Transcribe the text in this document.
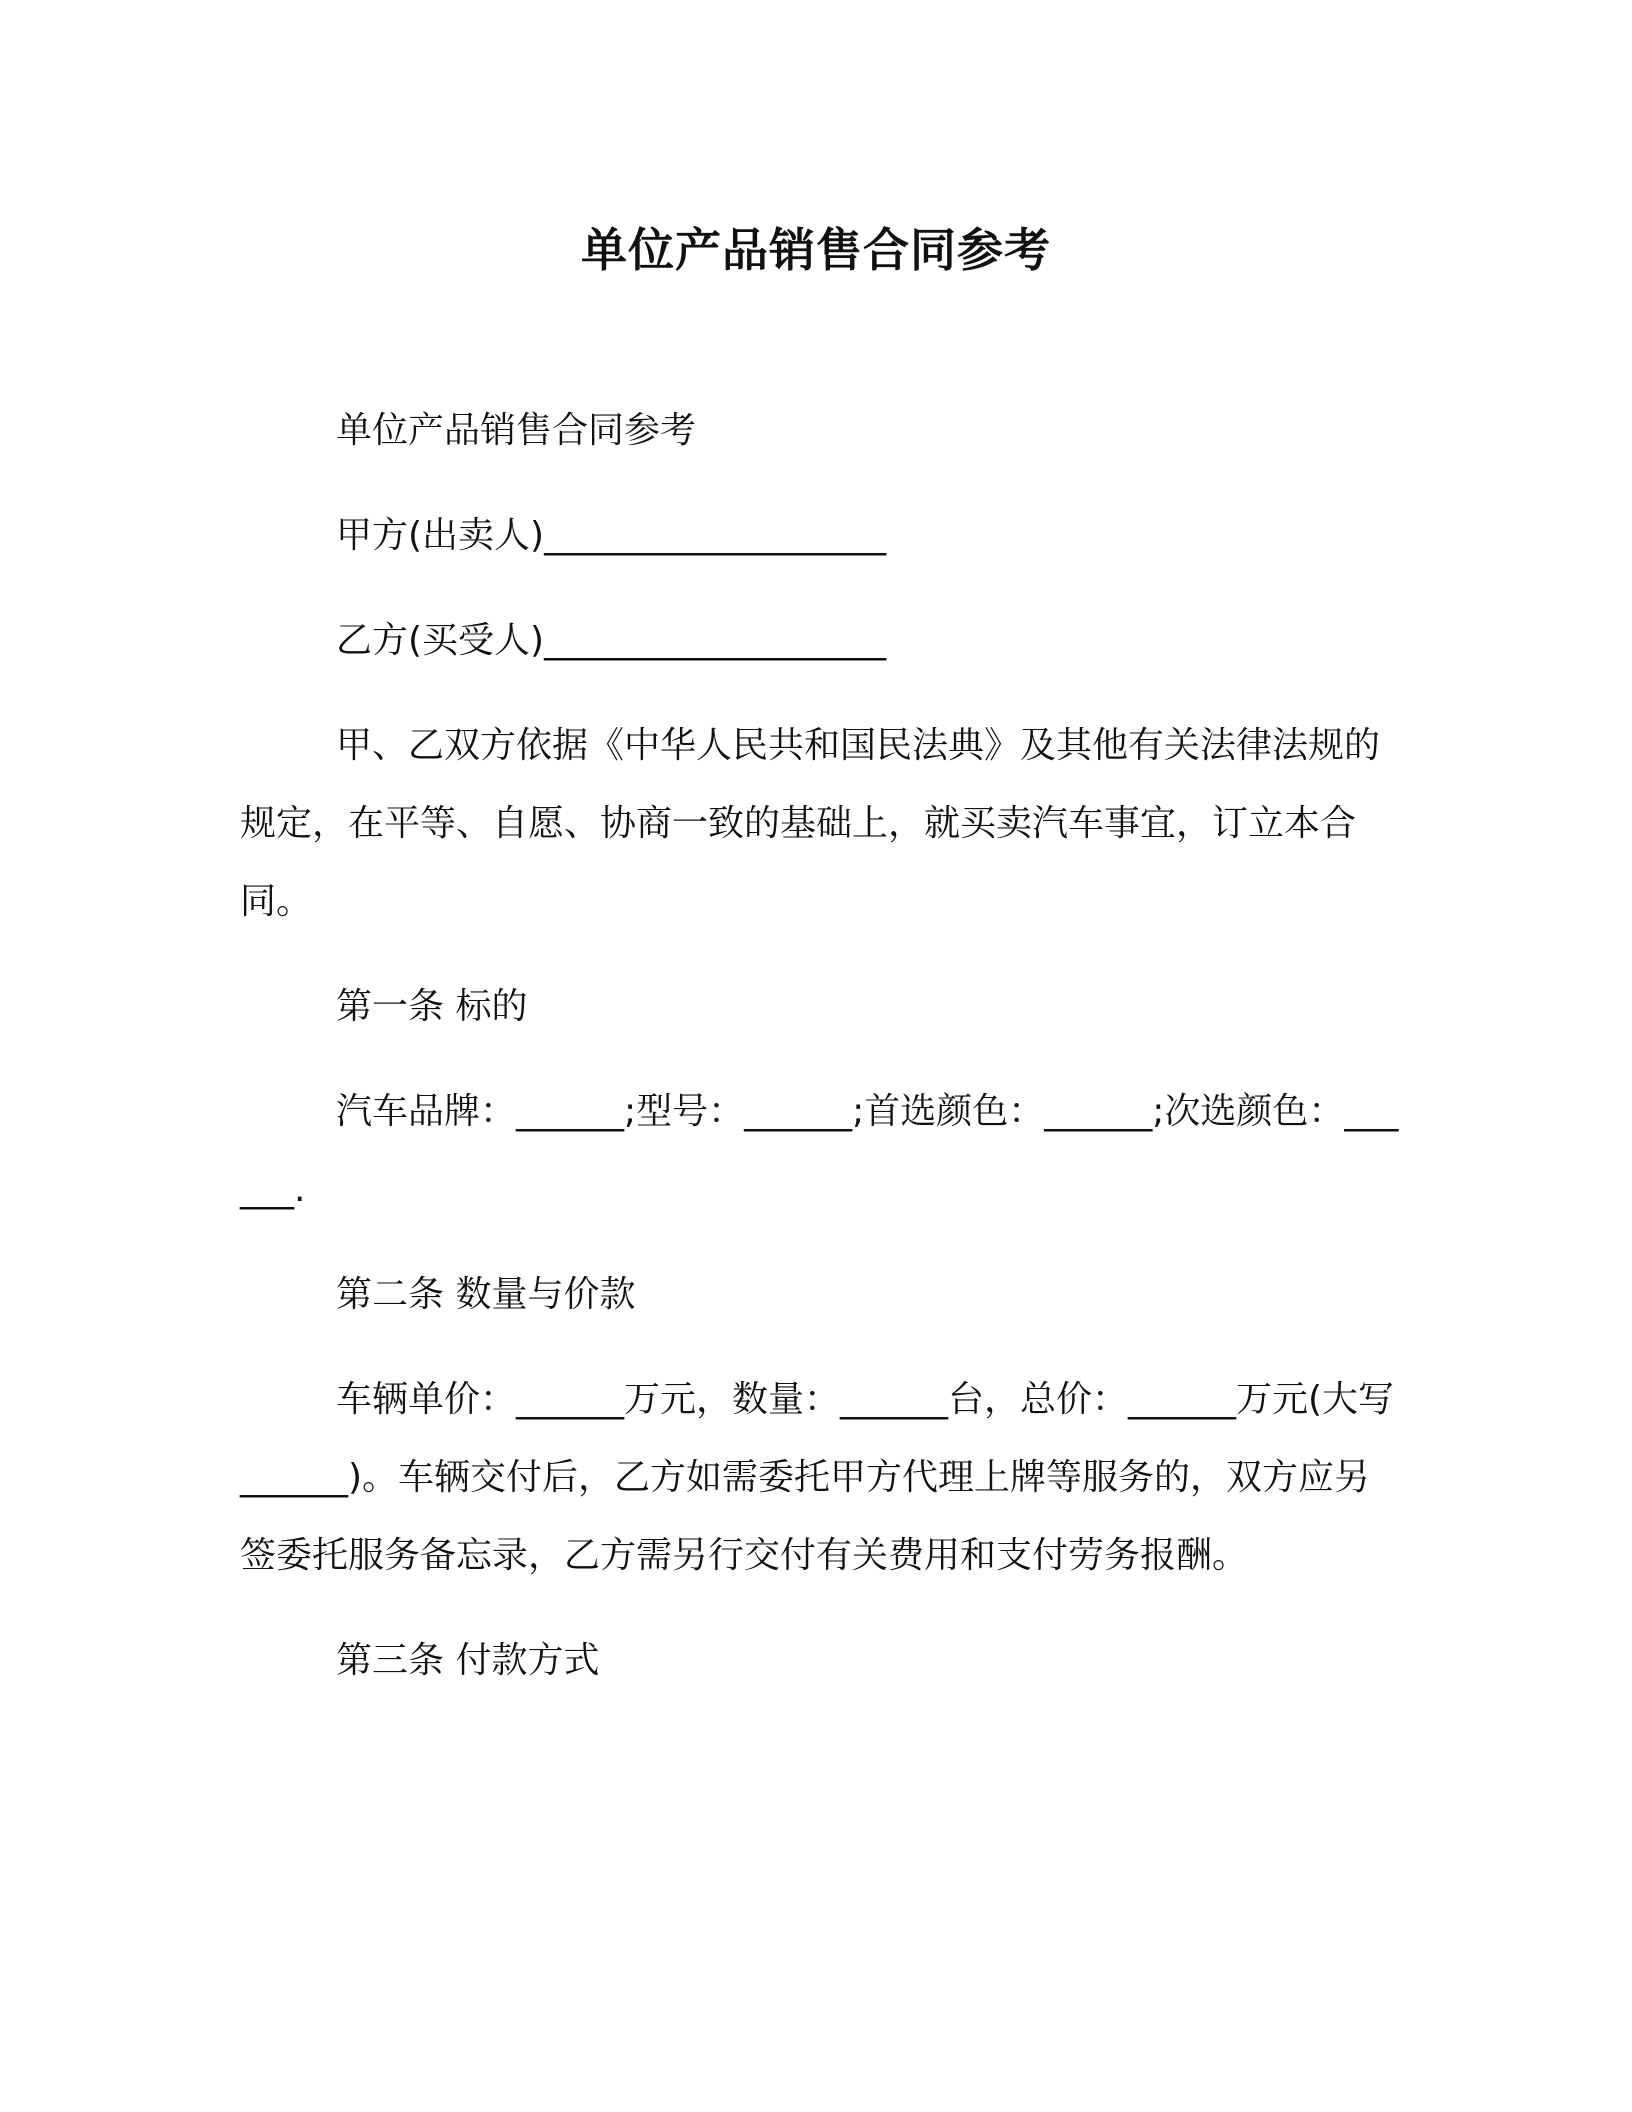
单位产品销售合同参考

单位产品销售合同参考

甲方(出卖人)___________________

乙方(买受人)___________________

甲、乙双方依据《中华人民共和国民法典》及其他有关法律法规的规定，在平等、自愿、协商一致的基础上，就买卖汽车事宜，订立本合同。

第一条 标的

汽车品牌：______;型号：______;首选颜色：______;次选颜色：______.

第二条 数量与价款

车辆单价：______万元，数量：______台，总价：______万元(大写______)。车辆交付后，乙方如需委托甲方代理上牌等服务的，双方应另签委托服务备忘录，乙方需另行交付有关费用和支付劳务报酬。

第三条 付款方式
